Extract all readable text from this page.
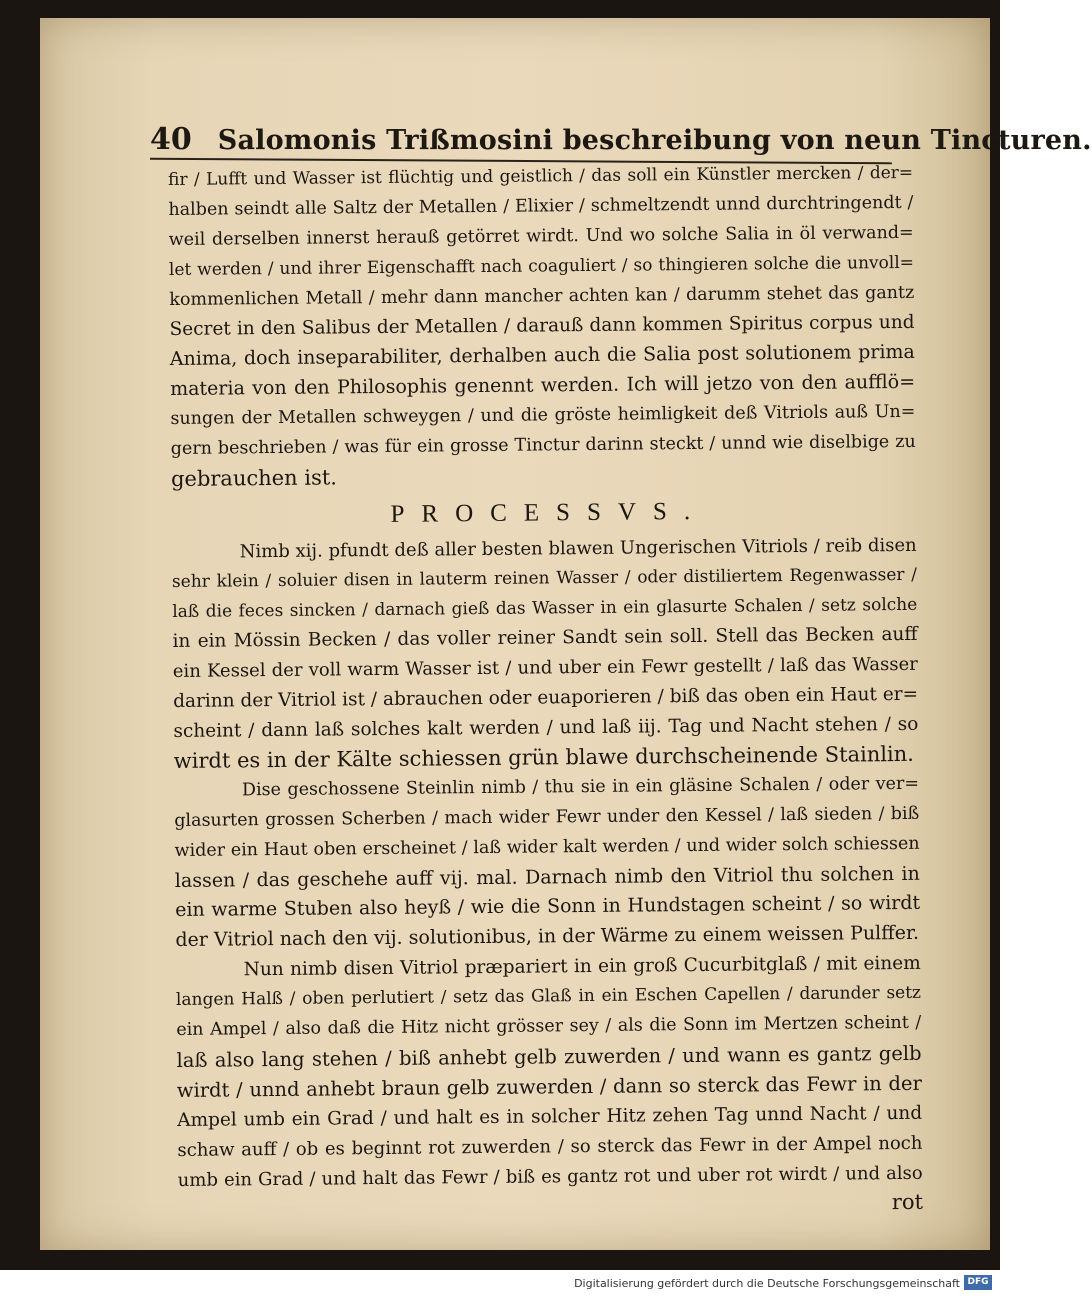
40 Salomonis Trißmosini beschreibung von neun Tincturen.
fir / Lufft und Wasser ist flüchtig und geistlich / das soll ein Künstler mercken / der=
halben seindt alle Saltz der Metallen / Elixier / schmeltzendt unnd durchtringendt /
weil derselben innerst herauß getörret wirdt. Und wo solche Salia in öl verwand=
let werden / und ihrer Eigenschafft nach coaguliert / so thingieren solche die unvoll=
kommenlichen Metall / mehr dann mancher achten kan / darumm stehet das gantz
Secret in den Salibus der Metallen / darauß dann kommen Spiritus corpus und
Anima, doch inseparabiliter, derhalben auch die Salia post solutionem prima
materia von den Philosophis genennt werden. Ich will jetzo von den aufflö=
sungen der Metallen schweygen / und die gröste heimligkeit deß Vitriols auß Un=
gern beschrieben / was für ein grosse Tinctur darinn steckt / unnd wie diselbige zu
gebrauchen ist.
PROCESSVS.
Nimb xij. pfundt deß aller besten blawen Ungerischen Vitriols / reib disen
sehr klein / soluier disen in lauterm reinen Wasser / oder distiliertem Regenwasser /
laß die feces sincken / darnach gieß das Wasser in ein glasurte Schalen / setz solche
in ein Mössin Becken / das voller reiner Sandt sein soll. Stell das Becken auff
ein Kessel der voll warm Wasser ist / und uber ein Fewr gestellt / laß das Wasser
darinn der Vitriol ist / abrauchen oder euaporieren / biß das oben ein Haut er=
scheint / dann laß solches kalt werden / und laß iij. Tag und Nacht stehen / so
wirdt es in der Kälte schiessen grün blawe durchscheinende Stainlin.
Dise geschossene Steinlin nimb / thu sie in ein gläsine Schalen / oder ver=
glasurten grossen Scherben / mach wider Fewr under den Kessel / laß sieden / biß
wider ein Haut oben erscheinet / laß wider kalt werden / und wider solch schiessen
lassen / das geschehe auff vij. mal. Darnach nimb den Vitriol thu solchen in
ein warme Stuben also heyß / wie die Sonn in Hundstagen scheint / so wirdt
der Vitriol nach den vij. solutionibus, in der Wärme zu einem weissen Pulffer.
Nun nimb disen Vitriol præpariert in ein groß Cucurbitglaß / mit einem
langen Halß / oben perlutiert / setz das Glaß in ein Eschen Capellen / darunder setz
ein Ampel / also daß die Hitz nicht grösser sey / als die Sonn im Mertzen scheint /
laß also lang stehen / biß anhebt gelb zuwerden / und wann es gantz gelb
wirdt / unnd anhebt braun gelb zuwerden / dann so sterck das Fewr in der
Ampel umb ein Grad / und halt es in solcher Hitz zehen Tag unnd Nacht / und
schaw auff / ob es beginnt rot zuwerden / so sterck das Fewr in der Ampel noch
umb ein Grad / und halt das Fewr / biß es gantz rot und uber rot wirdt / und also
rot
Digitalisierung gefördert durch die Deutsche Forschungsgemeinschaft DFG
